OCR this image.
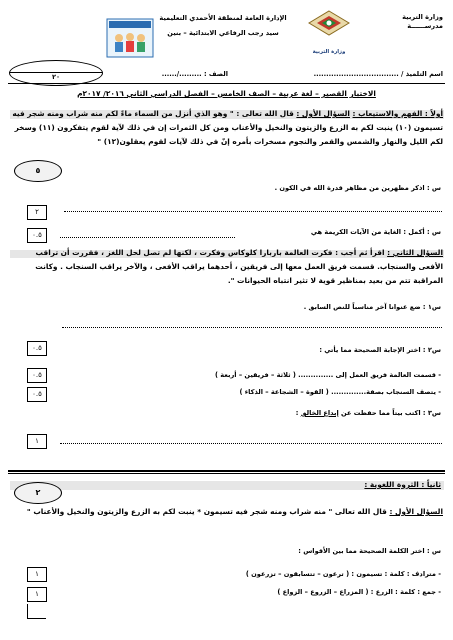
وزارة التربية
مدرســــــة
وزارة التربية
الإدارة العامة لمنطقة الأحمدي التعليمية
سيد رجب الرفاعي الابتدائية – بنين
٢٠	اسم التلميذ / ..................................
الصف : ........./......
الاختبار القصير – لغة عربية – الصف الخامس – الفصل الدراسي الثاني ٢٠١٦/ ٢٠١٧م
أولاً : الفهم والاستيعاب : السؤال الأول : قال الله تعالى : " وهو الذي أنزل من السماء ماءً لكم منه شراب ومنه شجر فيه تسيمون (١٠) ينبت لكم به الزرع والزيتون والنخيل والأعناب ومن كل الثمرات إن في ذلك لآية لقوم يتفكرون (١١) وسخر لكم الليل والنهار والشمس والقمر والنجوم مسخرات بأمره إنّ في ذلك لآيات لقوم يعقلون(١٢) "
٥
س : اذكر مظهرين من مظاهر قدرة الله في الكون .
٢
س : أكمل : الغاية من الآيات الكريمة هي
٠.٥
السؤال الثاني : اقرأ ثم أجب : فكرت العالمة باربارا كلوكاس وفكرت ، لكنها لم تصل لحل اللغز ، فقررت أن تراقب الأفعى والسنجاب. قسمت فريق العمل معها إلى فريقين ، أحدهما يراقب الأفعى ، والآخر يراقب السنجاب . وكانت المراقبة تتم من بعيد بمناظير قوية لا تثير انتباه الحيوانات ".
س١ : ضع عنوانا آخر مناسباً للنص السابق .
٠.٥	س٢ : اختر الإجابة الصحيحة مما يأتي :
- قسمت العالمة فريق العمل إلى .............. ( ثلاثة – فريقين – أربعة )
٠.٥
- يتصف السنجاب بصفة.............. ( القوة – الشجاعة – الذكاء )
٠.٥
س٣ : اكتب بيتاً مما حفظت عن إبداع الخالق :
١
ثانياً : الثروة اللغوية :
٢
السؤال الأول : قال الله تعالى " منه شراب ومنه شجر فيه تسيمون * ينبت لكم به الزرع والزيتون والنخيل والأعناب "
س : اختر الكلمة الصحيحة مما بين الأقواس :
- مترادف : كلمة : تسيمون : ( ترعون – تتسابقون – تزرعون )
١
- جمع : كلمة : الزرع : ( المزراع – الزروع – الزواع )
١
